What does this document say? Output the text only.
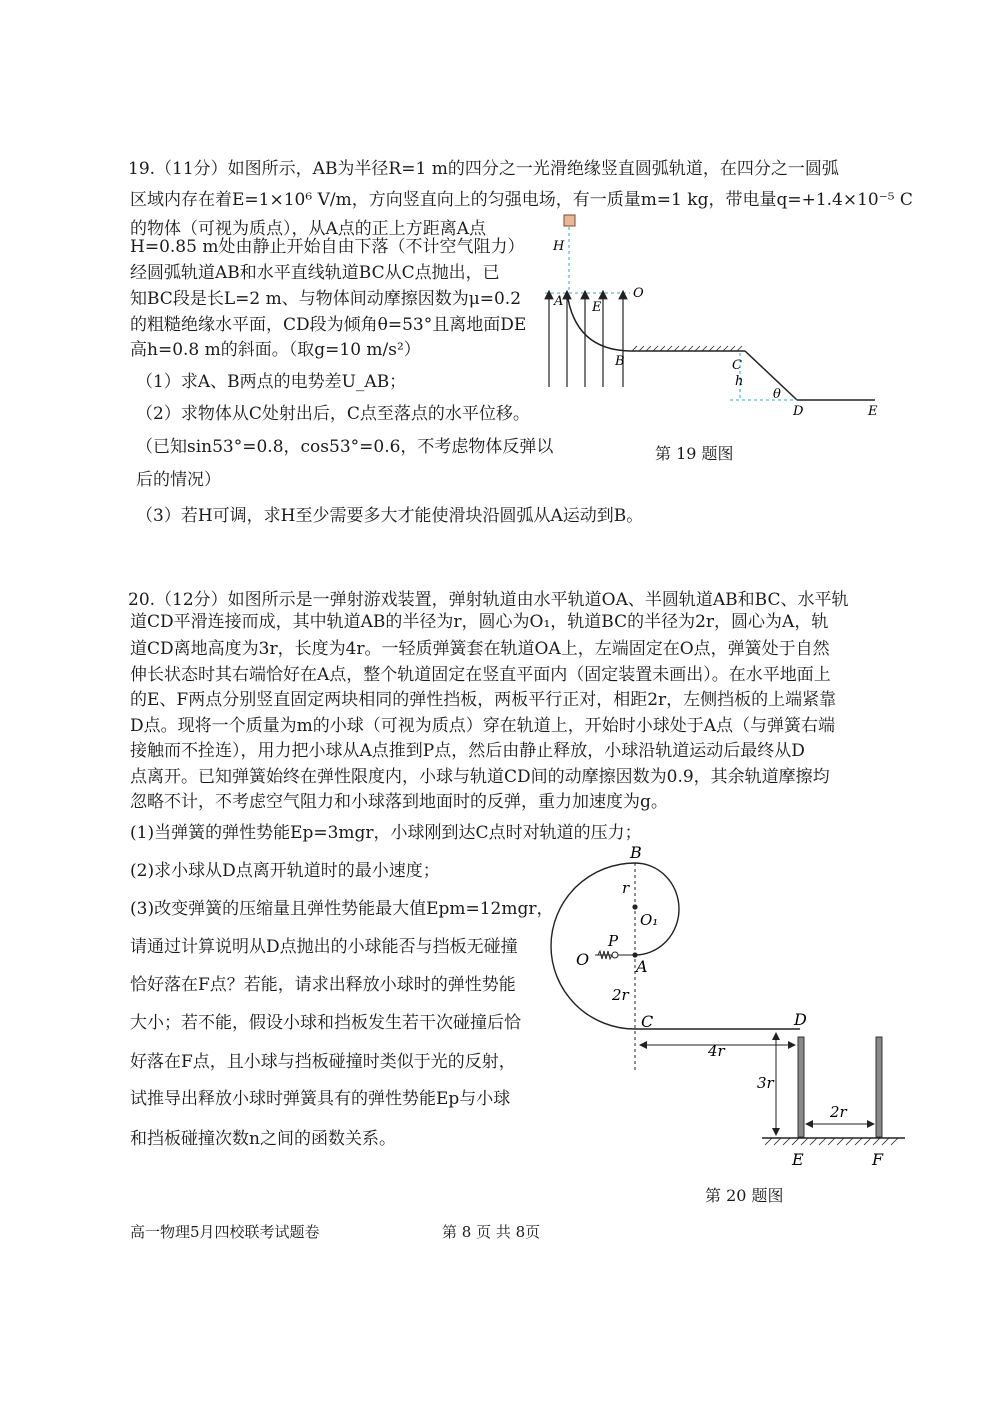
19.（11分）如图所示，AB为半径R=1 m的四分之一光滑绝缘竖直圆弧轨道，在四分之一圆弧
区域内存在着E=1×10⁶ V/m，方向竖直向上的匀强电场，有一质量m=1 kg，带电量q=+1.4×10⁻⁵ C
的物体（可视为质点），从A点的正上方距离A点
H=0.85 m处由静止开始自由下落（不计空气阻力）
经圆弧轨道AB和水平直线轨道BC从C点抛出，已
知BC段是长L=2 m、与物体间动摩擦因数为μ=0.2
的粗糙绝缘水平面，CD段为倾角θ=53°且离地面DE
高h=0.8 m的斜面。（取g=10 m/s²）
（1）求A、B两点的电势差U_AB；
（2）求物体从C处射出后，C点至落点的水平位移。
（已知sin53°=0.8，cos53°=0.6，不考虑物体反弹以
后的情况）
（3）若H可调，求H至少需要多大才能使滑块沿圆弧从A运动到B。
H
O
A E
B	C
h
θ
D	E
第 19 题图
20.（12分）如图所示是一弹射游戏装置，弹射轨道由水平轨道OA、半圆轨道AB和BC、水平轨
道CD平滑连接而成，其中轨道AB的半径为r，圆心为O₁，轨道BC的半径为2r，圆心为A，轨
道CD离地高度为3r，长度为4r。一轻质弹簧套在轨道OA上，左端固定在O点，弹簧处于自然
伸长状态时其右端恰好在A点，整个轨道固定在竖直平面内（固定装置未画出）。在水平地面上
的E、F两点分别竖直固定两块相同的弹性挡板，两板平行正对，相距2r，左侧挡板的上端紧靠
D点。现将一个质量为m的小球（可视为质点）穿在轨道上，开始时小球处于A点（与弹簧右端
接触而不拴连），用力把小球从A点推到P点，然后由静止释放，小球沿轨道运动后最终从D
点离开。已知弹簧始终在弹性限度内，小球与轨道CD间的动摩擦因数为0.9，其余轨道摩擦均
忽略不计，不考虑空气阻力和小球落到地面时的反弹，重力加速度为g。
(1)当弹簧的弹性势能Ep=3mgr，小球刚到达C点时对轨道的压力；
(2)求小球从D点离开轨道时的最小速度；
(3)改变弹簧的压缩量且弹性势能最大值Epm=12mgr，
请通过计算说明从D点抛出的小球能否与挡板无碰撞
恰好落在F点？若能，请求出释放小球时的弹性势能
大小；若不能，假设小球和挡板发生若干次碰撞后恰
好落在F点，且小球与挡板碰撞时类似于光的反射，
试推导出释放小球时弹簧具有的弹性势能Ep与小球
和挡板碰撞次数n之间的函数关系。
O₁
r
B
P
O	A
2r
C	D
4r
3r
2r
E	F
第 20 题图
高一物理5月四校联考试题卷	第 8 页 共 8页
